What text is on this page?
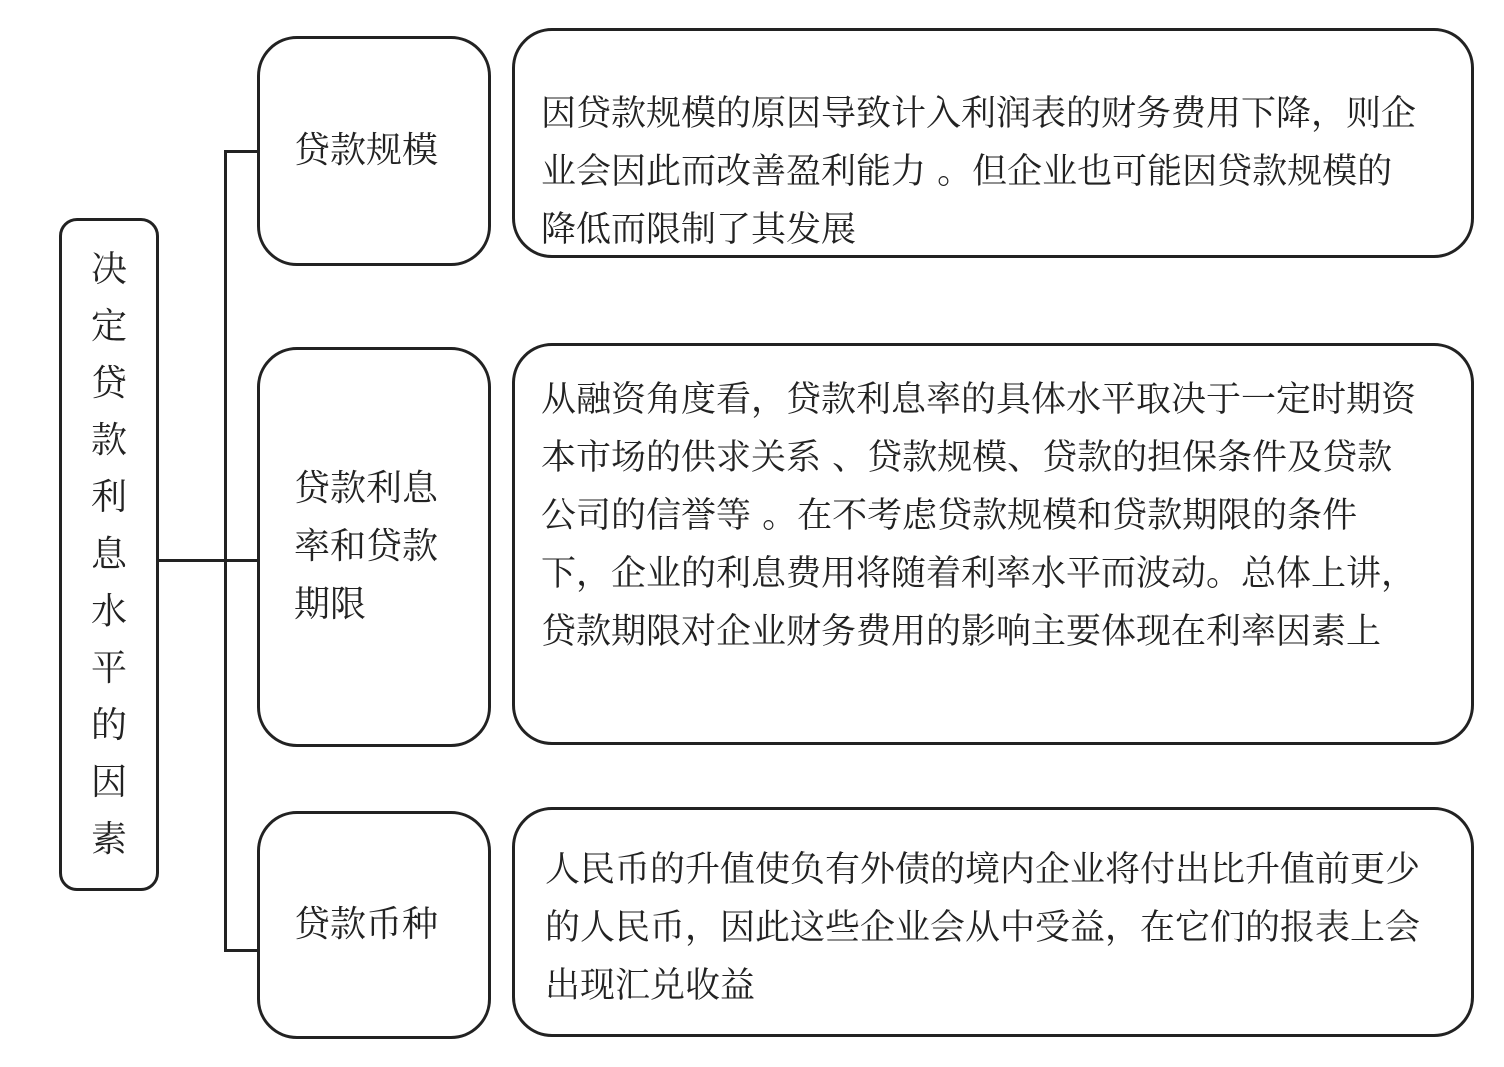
决
定
贷
款
利
息
水
平
的
因
素
贷款规模
因贷款规模的原因导致计入利润表的财务费用下降，则企业会因此而改善盈利能力 。但企业也可能因贷款规模的降低而限制了其发展
贷款利息率和贷款期限
从融资角度看，贷款利息率的具体水平取决于一定时期资本市场的供求关系 、贷款规模、贷款的担保条件及贷款公司的信誉等 。在不考虑贷款规模和贷款期限的条件下，企业的利息费用将随着利率水平而波动。总体上讲，贷款期限对企业财务费用的影响主要体现在利率因素上
贷款币种
人民币的升值使负有外债的境内企业将付出比升值前更少的人民币，因此这些企业会从中受益，在它们的报表上会出现汇兑收益
